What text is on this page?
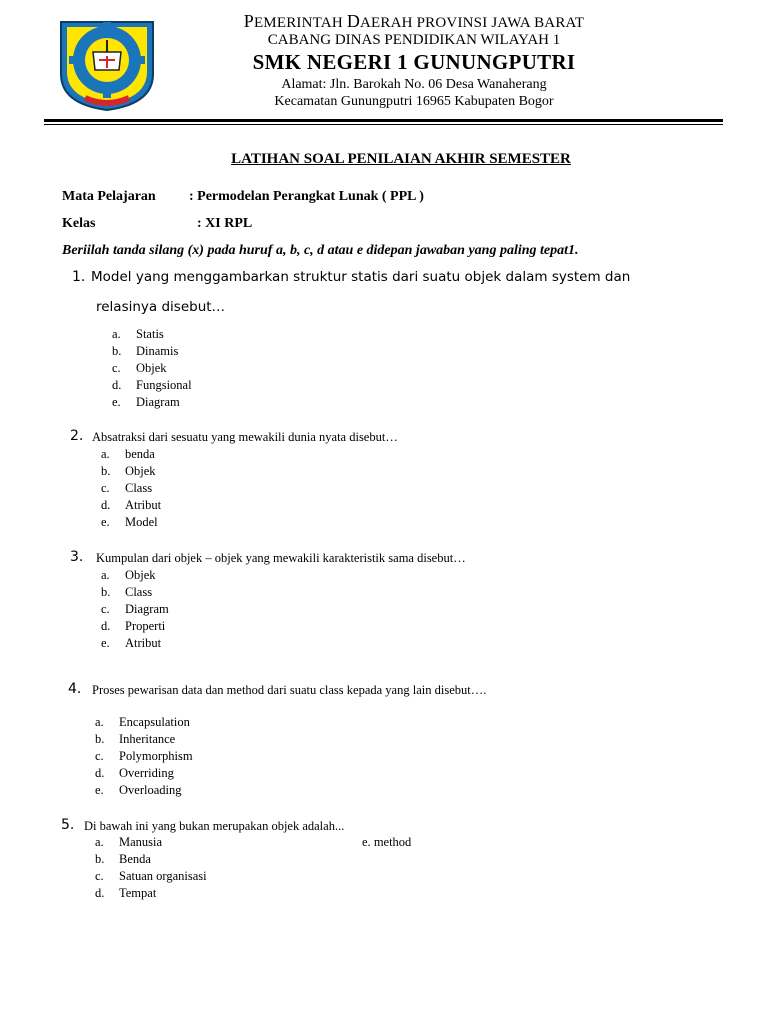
PEMERINTAH DAERAH PROVINSI JAWA BARAT
CABANG DINAS PENDIDIKAN WILAYAH 1
SMK NEGERI 1 GUNUNGPUTRI
Alamat: Jln. Barokah No. 06 Desa Wanaherang
Kecamatan Gunungputri 16965 Kabupaten Bogor
LATIHAN SOAL PENILAIAN AKHIR SEMESTER
Mata Pelajaran : Permodelan Perangkat Lunak ( PPL )
Kelas	: XI RPL
Beriilah tanda silang (x) pada huruf a, b, c, d atau e didepan jawaban yang paling tepat1.
1. Model yang menggambarkan struktur statis dari suatu objek dalam system dan
relasinya disebut…
a. Statis
b. Dinamis
c. Objek
d. Fungsional
e. Diagram
2. Absatraksi dari sesuatu yang mewakili dunia nyata disebut…
a. benda
b. Objek
c. Class
d. Atribut
e. Model
3. Kumpulan dari objek – objek yang mewakili karakteristik sama disebut…
a. Objek
b. Class
c. Diagram
d. Properti
e. Atribut
4. Proses pewarisan data dan method dari suatu class kepada yang lain disebut….
a. Encapsulation
b. Inheritance
c. Polymorphism
d. Overriding
e. Overloading
5. Di bawah ini yang bukan merupakan objek adalah...
a. Manusia
b. Benda
c. Satuan organisasi
d. Tempat
e. method
